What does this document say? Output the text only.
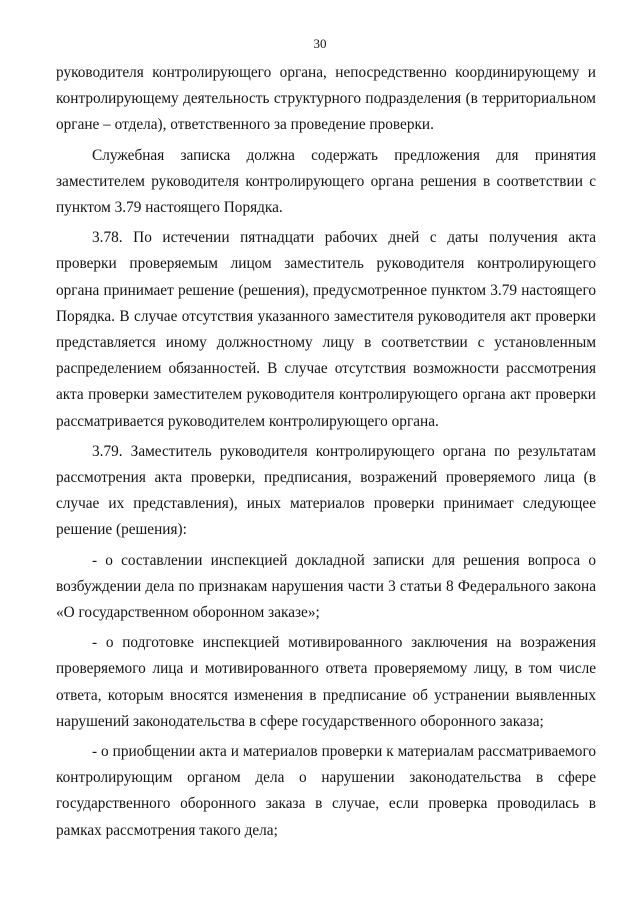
30

руководителя контролирующего органа, непосредственно координирующему и контролирующему деятельность структурного подразделения (в территориальном органе – отдела), ответственного за проведение проверки.

Служебная записка должна содержать предложения для принятия заместителем руководителя контролирующего органа решения в соответствии с пунктом 3.79 настоящего Порядка.

3.78. По истечении пятнадцати рабочих дней с даты получения акта проверки проверяемым лицом заместитель руководителя контролирующего органа принимает решение (решения), предусмотренное пунктом 3.79 настоящего Порядка. В случае отсутствия указанного заместителя руководителя акт проверки представляется иному должностному лицу в соответствии с установленным распределением обязанностей. В случае отсутствия возможности рассмотрения акта проверки заместителем руководителя контролирующего органа акт проверки рассматривается руководителем контролирующего органа.

3.79. Заместитель руководителя контролирующего органа по результатам рассмотрения акта проверки, предписания, возражений проверяемого лица (в случае их представления), иных материалов проверки принимает следующее решение (решения):

- о составлении инспекцией докладной записки для решения вопроса о возбуждении дела по признакам нарушения части 3 статьи 8 Федерального закона «О государственном оборонном заказе»;

- о подготовке инспекцией мотивированного заключения на возражения проверяемого лица и мотивированного ответа проверяемому лицу, в том числе ответа, которым вносятся изменения в предписание об устранении выявленных нарушений законодательства в сфере государственного оборонного заказа;

- о приобщении акта и материалов проверки к материалам рассматриваемого контролирующим органом дела о нарушении законодательства в сфере государственного оборонного заказа в случае, если проверка проводилась в рамках рассмотрения такого дела;
